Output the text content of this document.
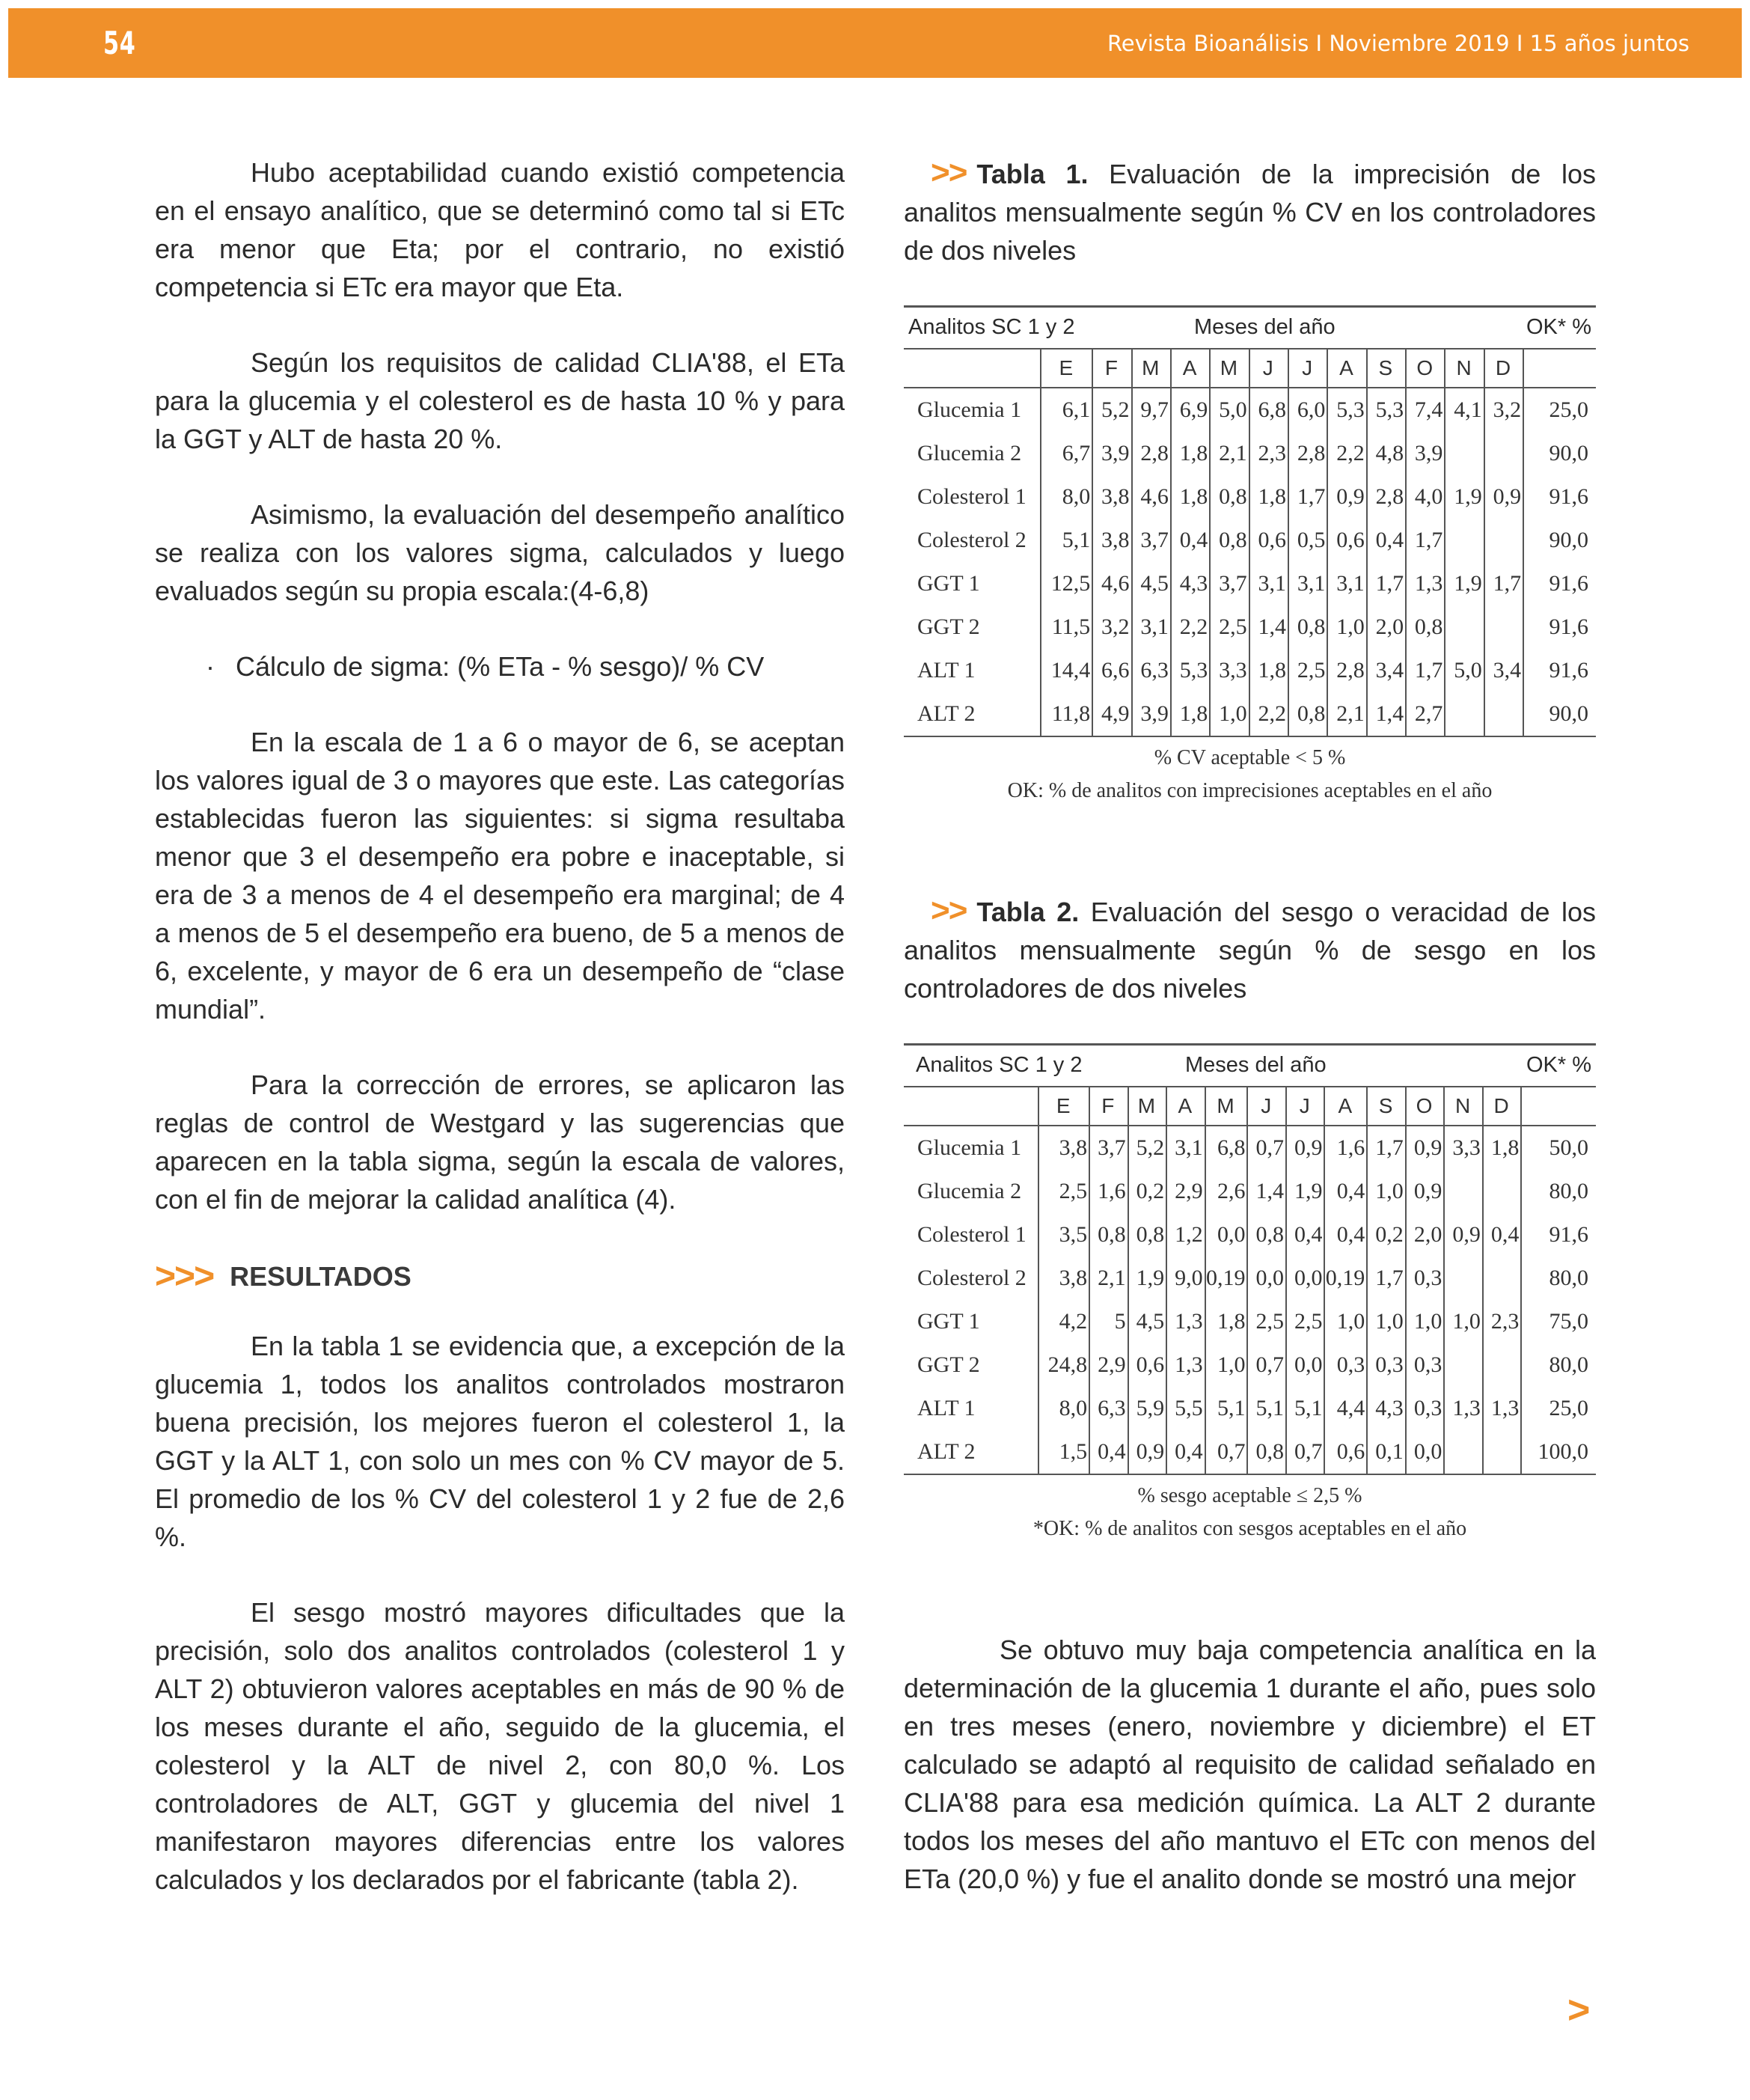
54	Revista Bioanálisis I Noviembre 2019 I 15 años juntos

Hubo aceptabilidad cuando existió competencia en el ensayo analítico, que se determinó como tal si ETc era menor que Eta; por el contrario, no existió competencia si ETc era mayor que Eta.

Según los requisitos de calidad CLIA'88, el ETa para la glucemia y el colesterol es de hasta 10 % y para la GGT y ALT de hasta 20 %.

Asimismo, la evaluación del desempeño analítico se realiza con los valores sigma, calculados y luego evaluados según su propia escala:(4-6,8)

· Cálculo de sigma: (% ETa - % sesgo)/ % CV

En la escala de 1 a 6 o mayor de 6, se aceptan los valores igual de 3 o mayores que este. Las categorías establecidas fueron las siguientes: si sigma resultaba menor que 3 el desempeño era pobre e inaceptable, si era de 3 a menos de 4 el desempeño era marginal; de 4 a menos de 5 el desempeño era bueno, de 5 a menos de 6, excelente, y mayor de 6 era un desempeño de “clase mundial”.

Para la corrección de errores, se aplicaron las reglas de control de Westgard y las sugerencias que aparecen en la tabla sigma, según la escala de valores, con el fin de mejorar la calidad analítica (4).

>>> RESULTADOS

En la tabla 1 se evidencia que, a excepción de la glucemia 1, todos los analitos controlados mostraron buena precisión, los mejores fueron el colesterol 1, la GGT y la ALT 1, con solo un mes con % CV mayor de 5. El promedio de los % CV del colesterol 1 y 2 fue de 2,6 %.

El sesgo mostró mayores dificultades que la precisión, solo dos analitos controlados (colesterol 1 y ALT 2) obtuvieron valores aceptables en más de 90 % de los meses durante el año, seguido de la glucemia, el colesterol y la ALT de nivel 2, con 80,0 %. Los controladores de ALT, GGT y glucemia del nivel 1 manifestaron mayores diferencias entre los valores calculados y los declarados por el fabricante (tabla 2).

>> Tabla 1. Evaluación de la imprecisión de los analitos mensualmente según % CV en los controladores de dos niveles

Analitos SC 1 y 2	Meses del año	OK* %
	E	F	M	A	M	J	J	A	S	O	N	D	
Glucemia 1	6,1	5,2	9,7	6,9	5,0	6,8	6,0	5,3	5,3	7,4	4,1	3,2	25,0
Glucemia 2	6,7	3,9	2,8	1,8	2,1	2,3	2,8	2,2	4,8	3,9			90,0
Colesterol 1	8,0	3,8	4,6	1,8	0,8	1,8	1,7	0,9	2,8	4,0	1,9	0,9	91,6
Colesterol 2	5,1	3,8	3,7	0,4	0,8	0,6	0,5	0,6	0,4	1,7			90,0
GGT 1	12,5	4,6	4,5	4,3	3,7	3,1	3,1	3,1	1,7	1,3	1,9	1,7	91,6
GGT 2	11,5	3,2	3,1	2,2	2,5	1,4	0,8	1,0	2,0	0,8			91,6
ALT 1	14,4	6,6	6,3	5,3	3,3	1,8	2,5	2,8	3,4	1,7	5,0	3,4	91,6
ALT 2	11,8	4,9	3,9	1,8	1,0	2,2	0,8	2,1	1,4	2,7			90,0
% CV aceptable < 5 %
OK: % de analitos con imprecisiones aceptables en el año

>> Tabla 2. Evaluación del sesgo o veracidad de los analitos mensualmente según % de sesgo en los controladores de dos niveles

Analitos SC 1 y 2	Meses del año	OK* %
	E	F	M	A	M	J	J	A	S	O	N	D	
Glucemia 1	3,8	3,7	5,2	3,1	6,8	0,7	0,9	1,6	1,7	0,9	3,3	1,8	50,0
Glucemia 2	2,5	1,6	0,2	2,9	2,6	1,4	1,9	0,4	1,0	0,9			80,0
Colesterol 1	3,5	0,8	0,8	1,2	0,0	0,8	0,4	0,4	0,2	2,0	0,9	0,4	91,6
Colesterol 2	3,8	2,1	1,9	9,0	0,19	0,0	0,0	0,19	1,7	0,3			80,0
GGT 1	4,2	5	4,5	1,3	1,8	2,5	2,5	1,0	1,0	1,0	1,0	2,3	75,0
GGT 2	24,8	2,9	0,6	1,3	1,0	0,7	0,0	0,3	0,3	0,3			80,0
ALT 1	8,0	6,3	5,9	5,5	5,1	5,1	5,1	4,4	4,3	0,3	1,3	1,3	25,0
ALT 2	1,5	0,4	0,9	0,4	0,7	0,8	0,7	0,6	0,1	0,0			100,0
% sesgo aceptable ≤ 2,5 %
*OK: % de analitos con sesgos aceptables en el año

Se obtuvo muy baja competencia analítica en la determinación de la glucemia 1 durante el año, pues solo en tres meses (enero, noviembre y diciembre) el ET calculado se adaptó al requisito de calidad señalado en CLIA'88 para esa medición química. La ALT 2 durante todos los meses del año mantuvo el ETc con menos del ETa (20,0 %) y fue el analito donde se mostró una mejor

>
